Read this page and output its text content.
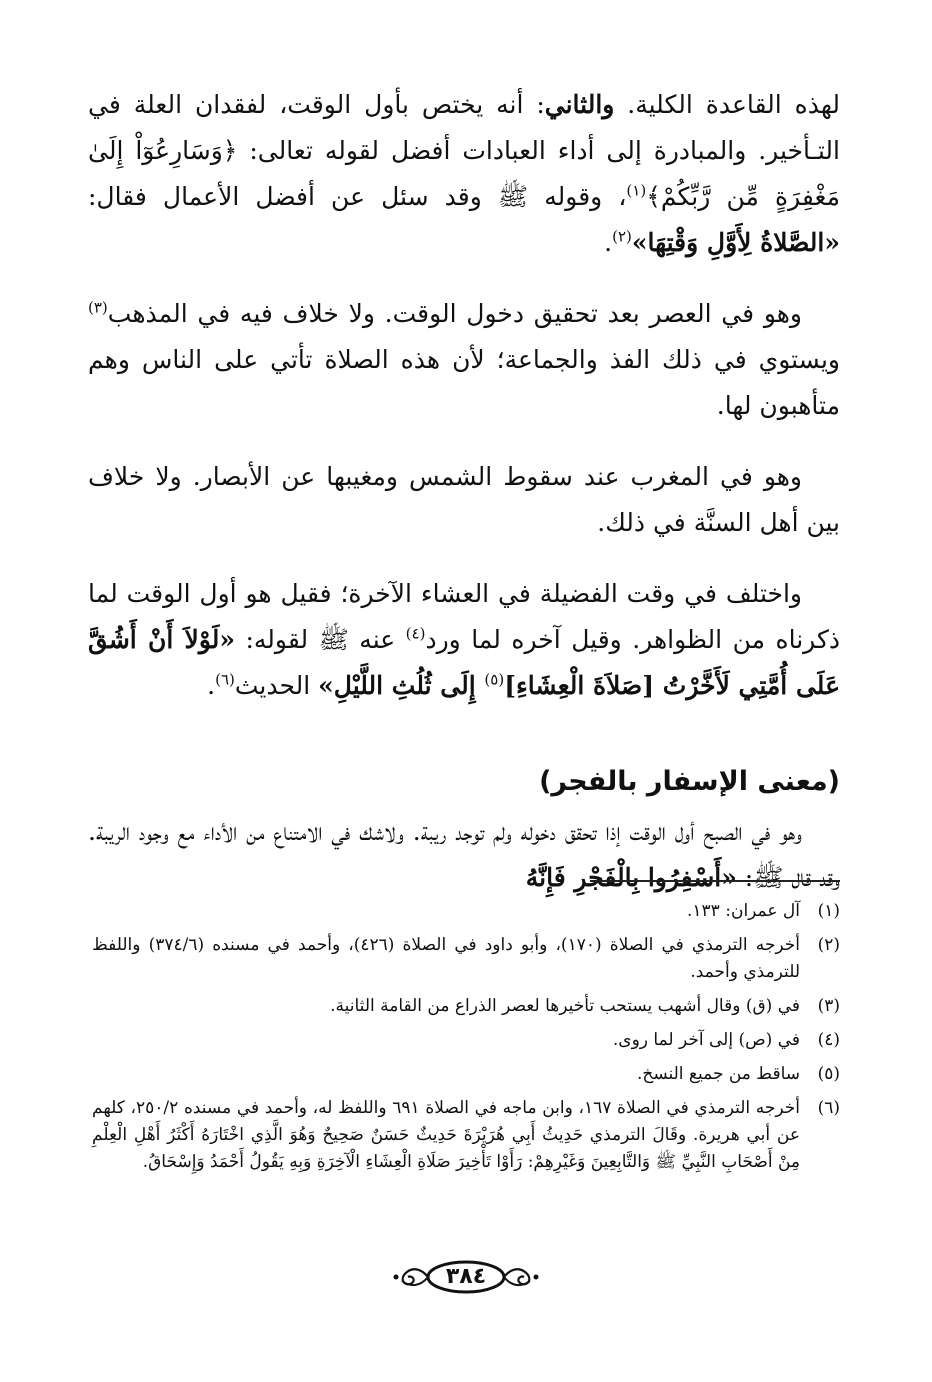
لهذه القاعدة الكلية. والثاني: أنه يختص بأول الوقت، لفقدان العلة في التـأخير. والمبادرة إلى أداء العبادات أفضل لقوله تعالى: ﴿وَسَارِعُوٓاْ إِلَىٰ مَغْفِرَةٍ مِّن رَّبِّكُمْ﴾$^{(١)}$، وقوله ﷺ وقد سئل عن أفضل الأعمال فقال: «الصَّلاةُ لِأَوَّلِ وَقْتِهَا»$^{(٢)}$.

وهو في العصر بعد تحقيق دخول الوقت. ولا خلاف فيه في المذهب$^{(٣)}$ ويستوي في ذلك الفذ والجماعة؛ لأن هذه الصلاة تأتي على الناس وهم متأهبون لها.

وهو في المغرب عند سقوط الشمس ومغيبها عن الأبصار. ولا خلاف بين أهل السنَّة في ذلك.

واختلف في وقت الفضيلة في العشاء الآخرة؛ فقيل هو أول الوقت لما ذكرناه من الظواهر. وقيل آخره لما ورد$^{(٤)}$ عنه ﷺ لقوله: «لَوْلاَ أَنْ أَشُقَّ عَلَى أُمَّتِي لَأَخَّرْتُ [صَلاَةَ الْعِشَاءِ]$^{(٥)}$ إِلَى ثُلُثِ اللَّيْلِ» الحديث$^{(٦)}$.

(معنى الإسفار بالفجر)

وهو في الصبح أول الوقت إذا تحقق دخوله ولم توجد ريبة. ولاشك في الامتناع من الأداء مع وجود الريبة. وقد قال ﷺ: «أَسْفِرُوا بِالْفَجْرِ فَإِنَّهُ

(١)
آل عمران: ١٣٣.
(٢)
أخرجه الترمذي في الصلاة (١٧٠)، وأبو داود في الصلاة (٤٢٦)، وأحمد في مسنده (٣٧٤/٦) واللفظ للترمذي وأحمد.
(٣)
في (ق) وقال أشهب يستحب تأخيرها لعصر الذراع من القامة الثانية.
(٤)
في (ص) إلى آخر لما روى.
(٥)
ساقط من جميع النسخ.
(٦)
أخرجه الترمذي في الصلاة ١٦٧، وابن ماجه في الصلاة ٦٩١ واللفظ له، وأحمد في مسنده ٢٥٠/٢، كلهم عن أبي هريرة. وقَالَ الترمذي حَدِيثُ أَبِي هُرَيْرَةَ حَدِيثٌ حَسَنٌ صَحِيحٌ وَهُوَ الَّذِي اخْتَارَهُ أَكْثَرُ أَهْلِ الْعِلْمِ مِنْ أَصْحَابِ النَّبِيِّ ﷺ وَالتَّابِعِينَ وَغَيْرِهِمْ: رَأَوْا تَأْخِيرَ صَلَاةِ الْعِشَاءِ الْآخِرَةِ وَبِهِ يَقُولُ أَحْمَدُ وَإِسْحَاقُ.
٣٨٤
